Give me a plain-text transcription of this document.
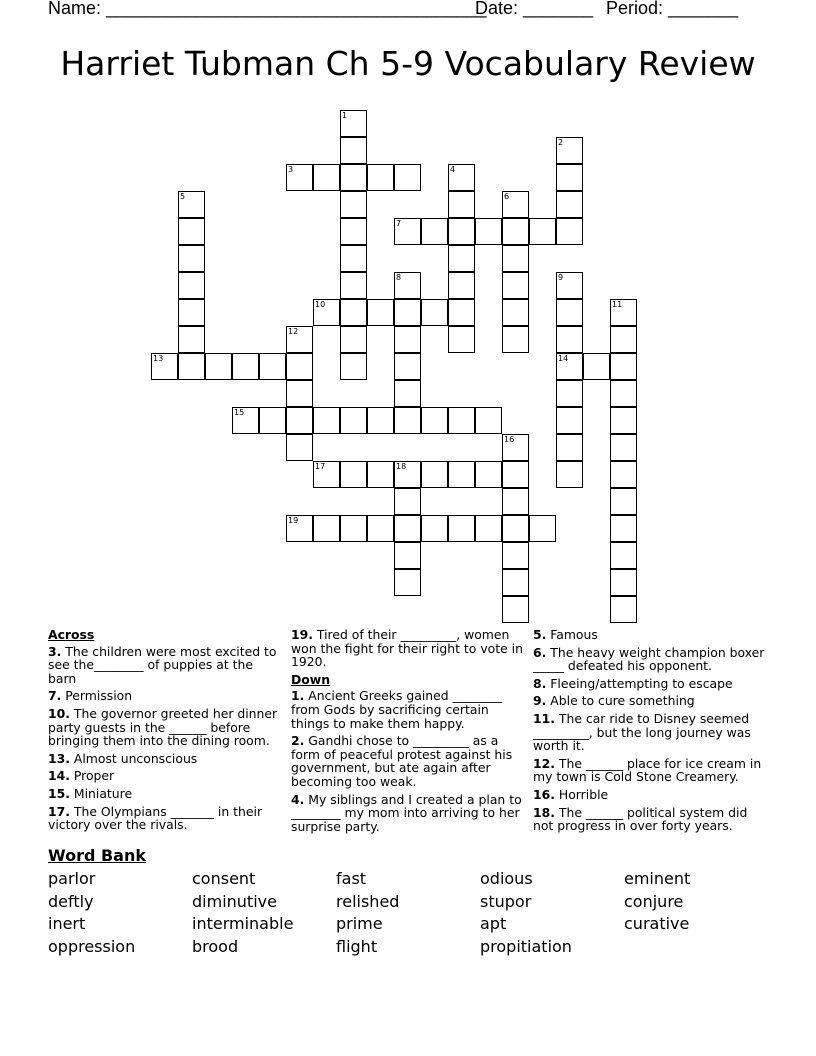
Name: ______________________________________
Date: _______ Period: _______
Harriet Tubman Ch 5-9 Vocabulary Review
1
2
3	4
5	6
7
8	9
14
10	11
12
13
15
16
17	18
19
Across
3. The children were most excited to see the________ of puppies at the barn
7. Permission
10. The governor greeted her dinner party guests in the ______ before bringing them into the dining room.
13. Almost unconscious
14. Proper
15. Miniature
17. The Olympians _______ in their victory over the rivals.
19. Tired of their _________, women won the fight for their right to vote in 1920.
Down
1. Ancient Greeks gained ________ from Gods by sacrificing certain things to make them happy.
2. Gandhi chose to _________ as a form of peaceful protest against his government, but ate again after becoming too weak.
4. My siblings and I created a plan to ________ my mom into arriving to her surprise party.
5. Famous
6. The heavy weight champion boxer _____ defeated his opponent.
8. Fleeing/attempting to escape
9. Able to cure something
11. The car ride to Disney seemed _________, but the long journey was worth it.
12. The ______ place for ice cream in my town is Cold Stone Creamery.
16. Horrible
18. The ______ political system did not progress in over forty years.
Word Bank
parlor	consent	fast	odious	eminent
deftly	diminutive	relished	stupor	conjure
inert	interminable	prime	apt	curative
oppression	brood	flight	propitiation
